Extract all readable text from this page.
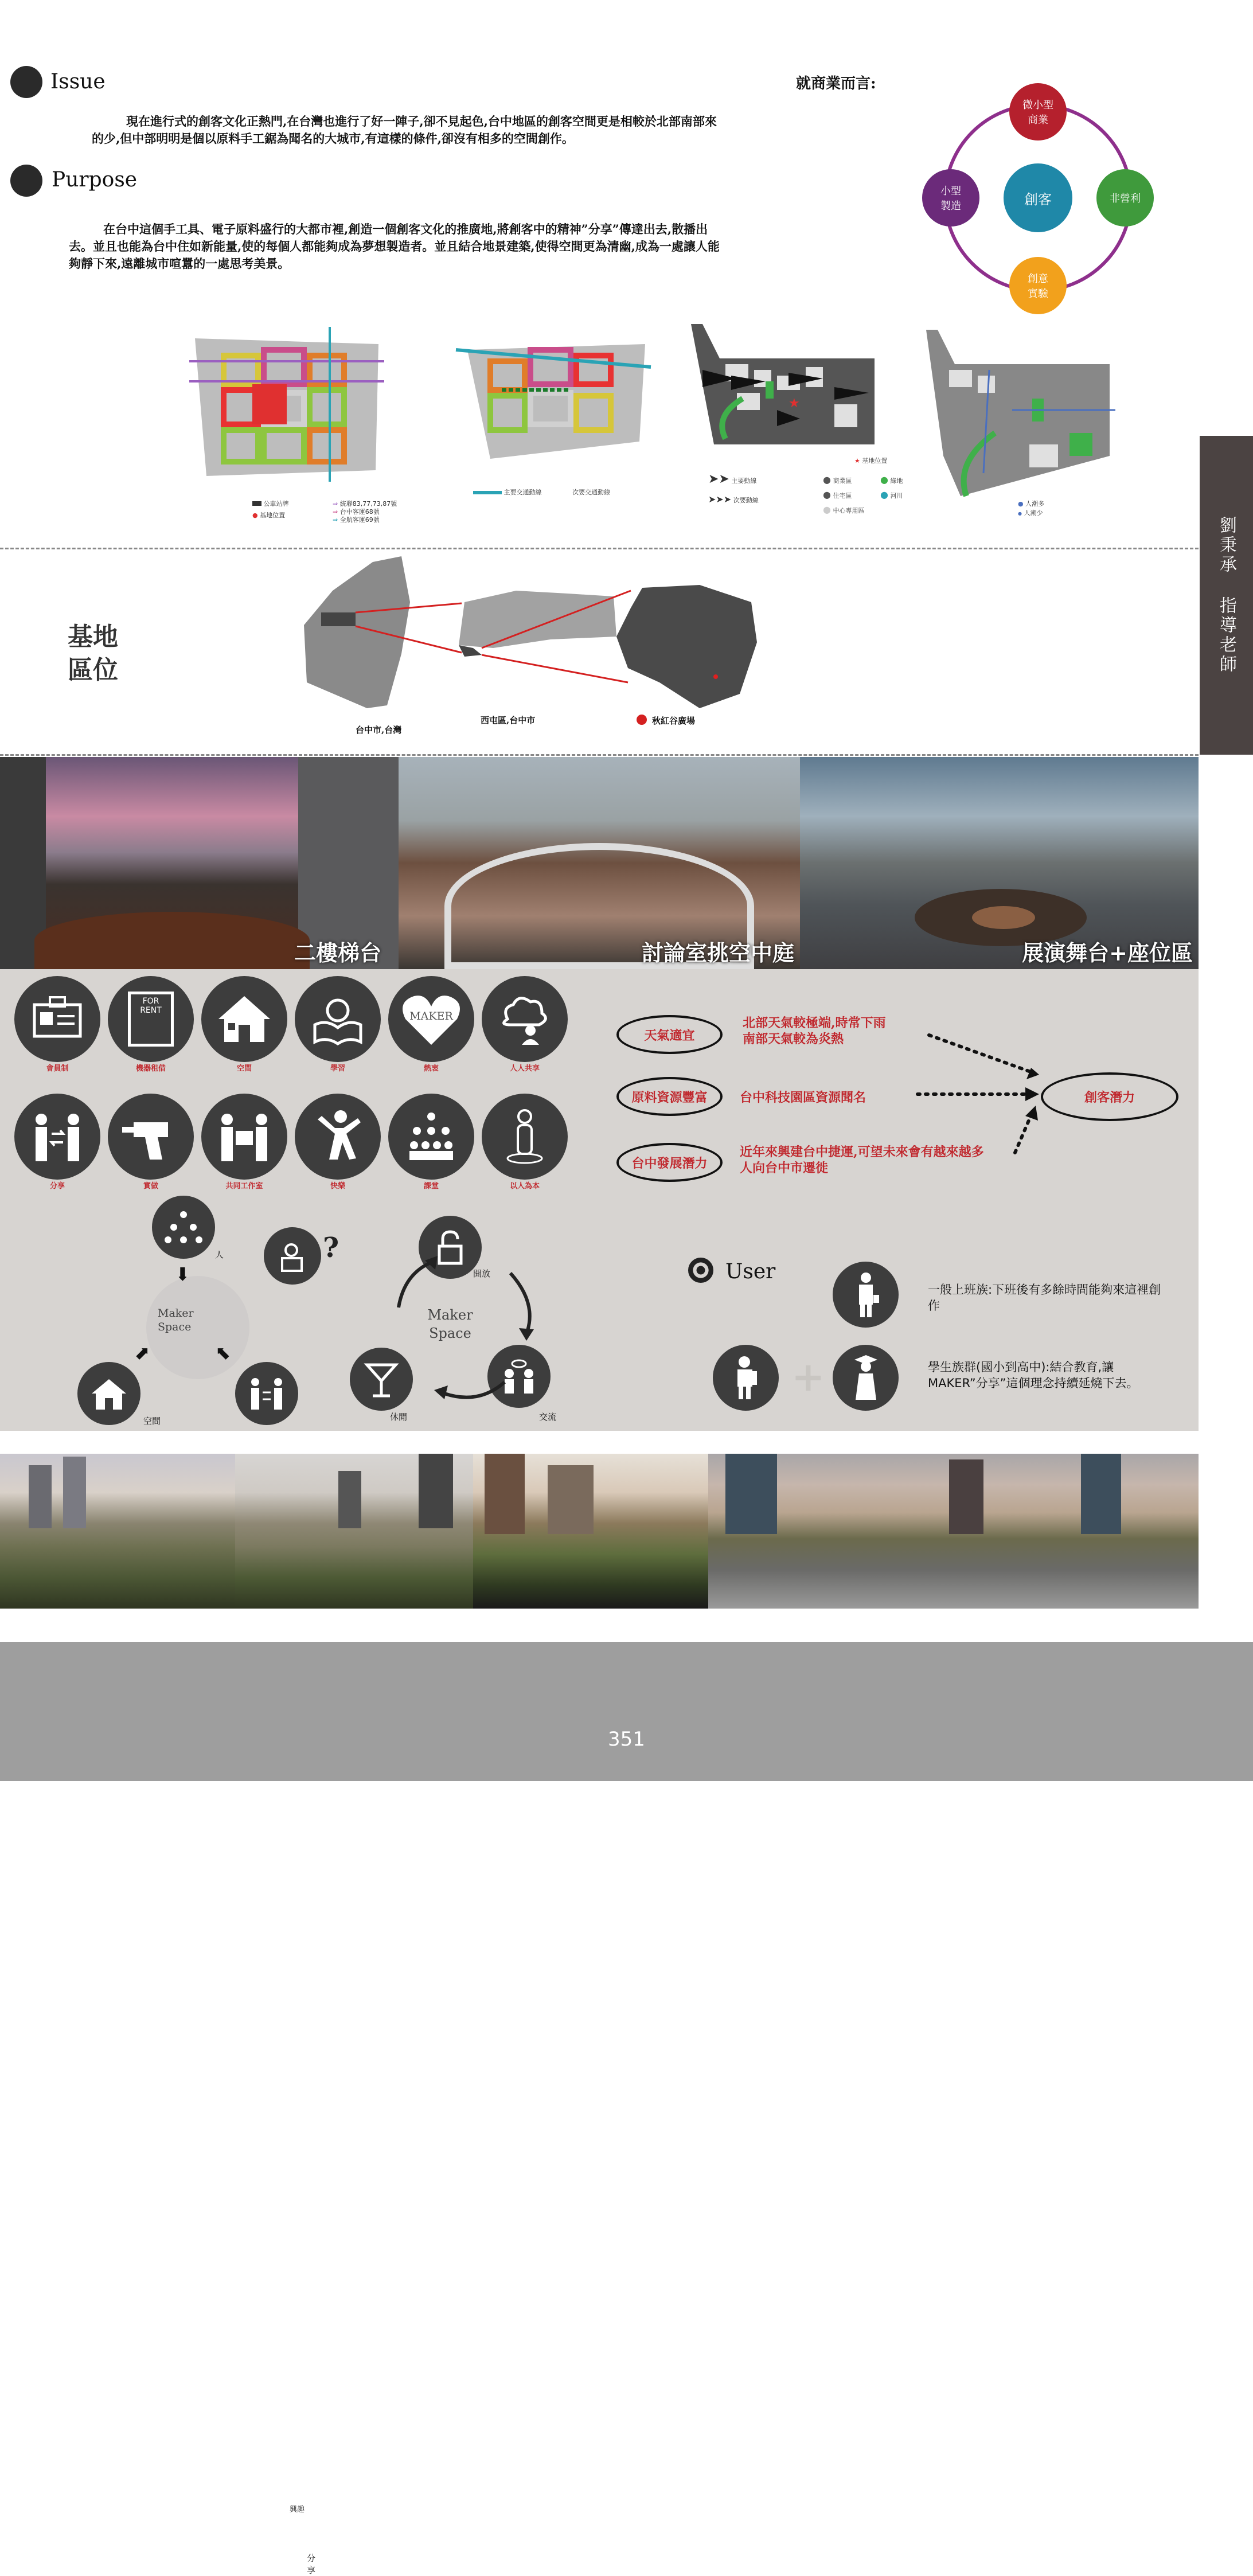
Issue
現在進行式的創客文化正熱門,在台灣也進行了好一陣子,卻不見起色,台中地區的創客空間更是相較於北部南部來的少,但中部明明是個以原料手工鋸為聞名的大城市,有這樣的條件,卻沒有相多的空間創作。
Purpose
在台中這個手工具、電子原料盛行的大都市裡,創造一個創客文化的推廣地,將創客中的精神”分享”傳達出去,散播出去。並且也能為台中住如新能量,使的每個人都能夠成為夢想製造者。並且結合地景建築,使得空間更為清幽,成為一處讓人能夠靜下來,遠離城市喧囂的一處思考美景。
就商業而言:
微小型
商業
非營利
創意
實驗
小型
製造	創客
公車站牌
● 基地位置
⇒ 統聯83,77,73,87號
⇒ 台中客運68號
⇒ 全航客運69號
主要交通動線	次要交通動線
★
★ 基地位置
➤➤ 主要動線
➤➤➤ 次要動線
● 商業區
● 住宅區
● 中心專用區
● 綠地
● 河川
● 人潮多
● 人潮少
基地
區位
台中市,台灣
西屯區,台中市	秋紅谷廣場
劉秉承
指導老師
二樓梯台	討論室挑空中庭	展演舞台+座位區
FOR
RENT	MAKER
會員制	機器租借	空間	學習	熱衷	人人共享
分享	實做	共同工作室	快樂	課堂	以人為本
天氣適宜
北部天氣較極端,時常下雨
南部天氣較為炎熱
原料資源豐富	台中科技園區資源聞名
台中發展潛力
近年來興建台中捷運,可望未來會有越來越多
人向台中市遷徙
創客潛力
Maker
Space
人
⬇
空間
⬈
分享
⬉
Maker
Space
開放
交流
休閒
?
興趣
User
一般上班族:下班後有多餘時間能夠來這裡創作
+	學生族群(國小到高中):結合教育,讓MAKER”分享”這個理念持續延燒下去。
351
